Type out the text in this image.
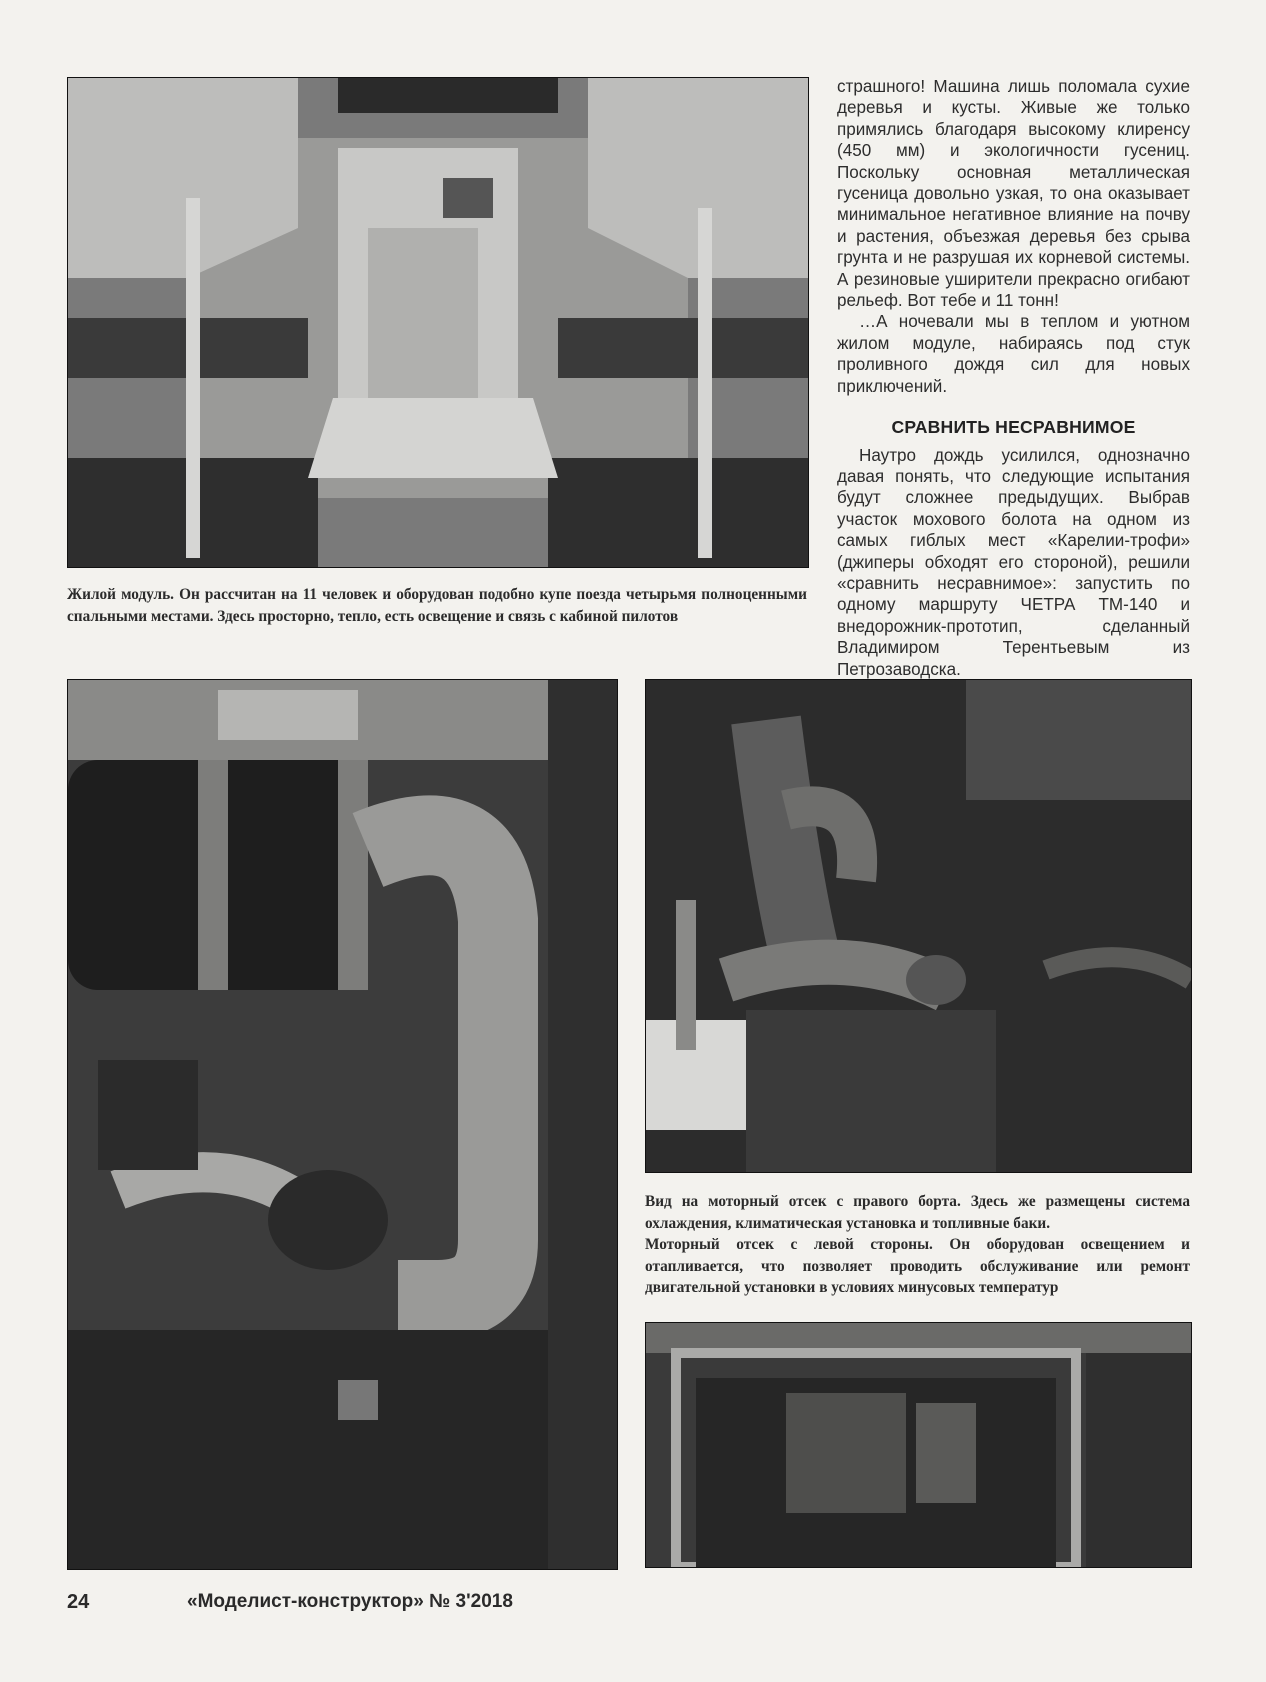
Жилой модуль. Он рассчитан на 11 человек и оборудован подобно купе поезда четырьмя полноценными спальными местами. Здесь просторно, тепло, есть освещение и связь с кабиной пилотов

страшного! Машина лишь поломала сухие деревья и кусты. Живые же только примялись благодаря высокому клиренсу (450 мм) и экологичности гусениц. Поскольку основная металлическая гусеница довольно узкая, то она оказывает минимальное негативное влияние на почву и растения, объезжая деревья без срыва грунта и не разрушая их корневой системы. А резиновые уширители прекрасно огибают рельеф. Вот тебе и 11 тонн!

…А ночевали мы в теплом и уютном жилом модуле, набираясь под стук проливного дождя сил для новых приключений.

СРАВНИТЬ НЕСРАВНИМОЕ

Наутро дождь усилился, однозначно давая понять, что следующие испытания будут сложнее предыдущих. Выбрав участок мохового болота на одном из самых гиблых мест «Карелии-трофи» (джиперы обходят его стороной), решили «сравнить несравнимое»: запустить по одному маршруту ЧЕТРА ТМ-140 и внедорожник-прототип, сделанный Владимиром Терентьевым из Петрозаводска.

Вид на моторный отсек с правого борта. Здесь же размещены система охлаждения, климатическая установка и топливные баки.
Моторный отсек с левой стороны. Он оборудован освещением и отапливается, что позволяет проводить обслуживание или ремонт двигательной установки в условиях минусовых температур
24	«Моделист-конструктор» № 3'2018
